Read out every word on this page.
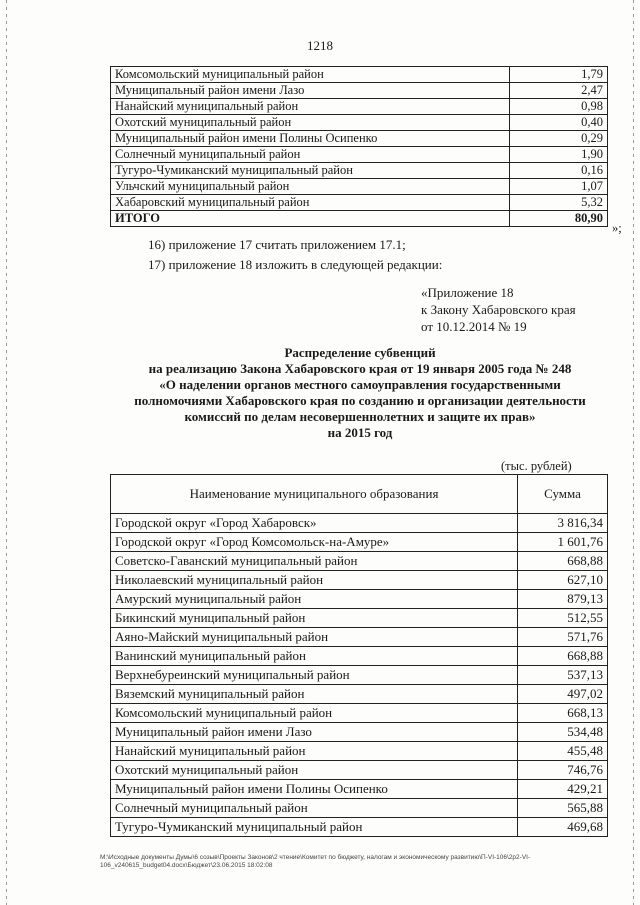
1218
Комсомольский муниципальный район	1,79
Муниципальный район имени Лазо	2,47
Нанайский муниципальный район	0,98
Охотский муниципальный район	0,40
Муниципальный район имени Полины Осипенко	0,29
Солнечный муниципальный район	1,90
Тугуро-Чумиканский муниципальный район	0,16
Ульчский муниципальный район	1,07
Хабаровский муниципальный район	5,32
ИТОГО	80,90
»;
16) приложение 17 считать приложением 17.1;
17) приложение 18 изложить в следующей редакции:
«Приложение 18
к Закону Хабаровского края
от 10.12.2014 № 19
Распределение субвенций
на реализацию Закона Хабаровского края от 19 января 2005 года № 248
«О наделении органов местного самоуправления государственными
полномочиями Хабаровского края по созданию и организации деятельности
комиссий по делам несовершеннолетних и защите их прав»
на 2015 год
(тыс. рублей)
Наименование муниципального образования	Сумма
Городской округ «Город Хабаровск»	3 816,34
Городской округ «Город Комсомольск-на-Амуре»	1 601,76
Советско-Гаванский муниципальный район	668,88
Николаевский муниципальный район	627,10
Амурский муниципальный район	879,13
Бикинский муниципальный район	512,55
Аяно-Майский муниципальный район	571,76
Ванинский муниципальный район	668,88
Верхнебуреинский муниципальный район	537,13
Вяземский муниципальный район	497,02
Комсомольский муниципальный район	668,13
Муниципальный район имени Лазо	534,48
Нанайский муниципальный район	455,48
Охотский муниципальный район	746,76
Муниципальный район имени Полины Осипенко	429,21
Солнечный муниципальный район	565,88
Тугуро-Чумиканский муниципальный район	469,68
M:\Исходные документы Думы\6 созыв\Проекты Законов\2 чтение\Комитет по бюджету, налогам и экономическому развитию\П-VI-106\2р2-VI-
106_v240615_budget04.docx\Бюджет\23.06.2015 18:02:08
